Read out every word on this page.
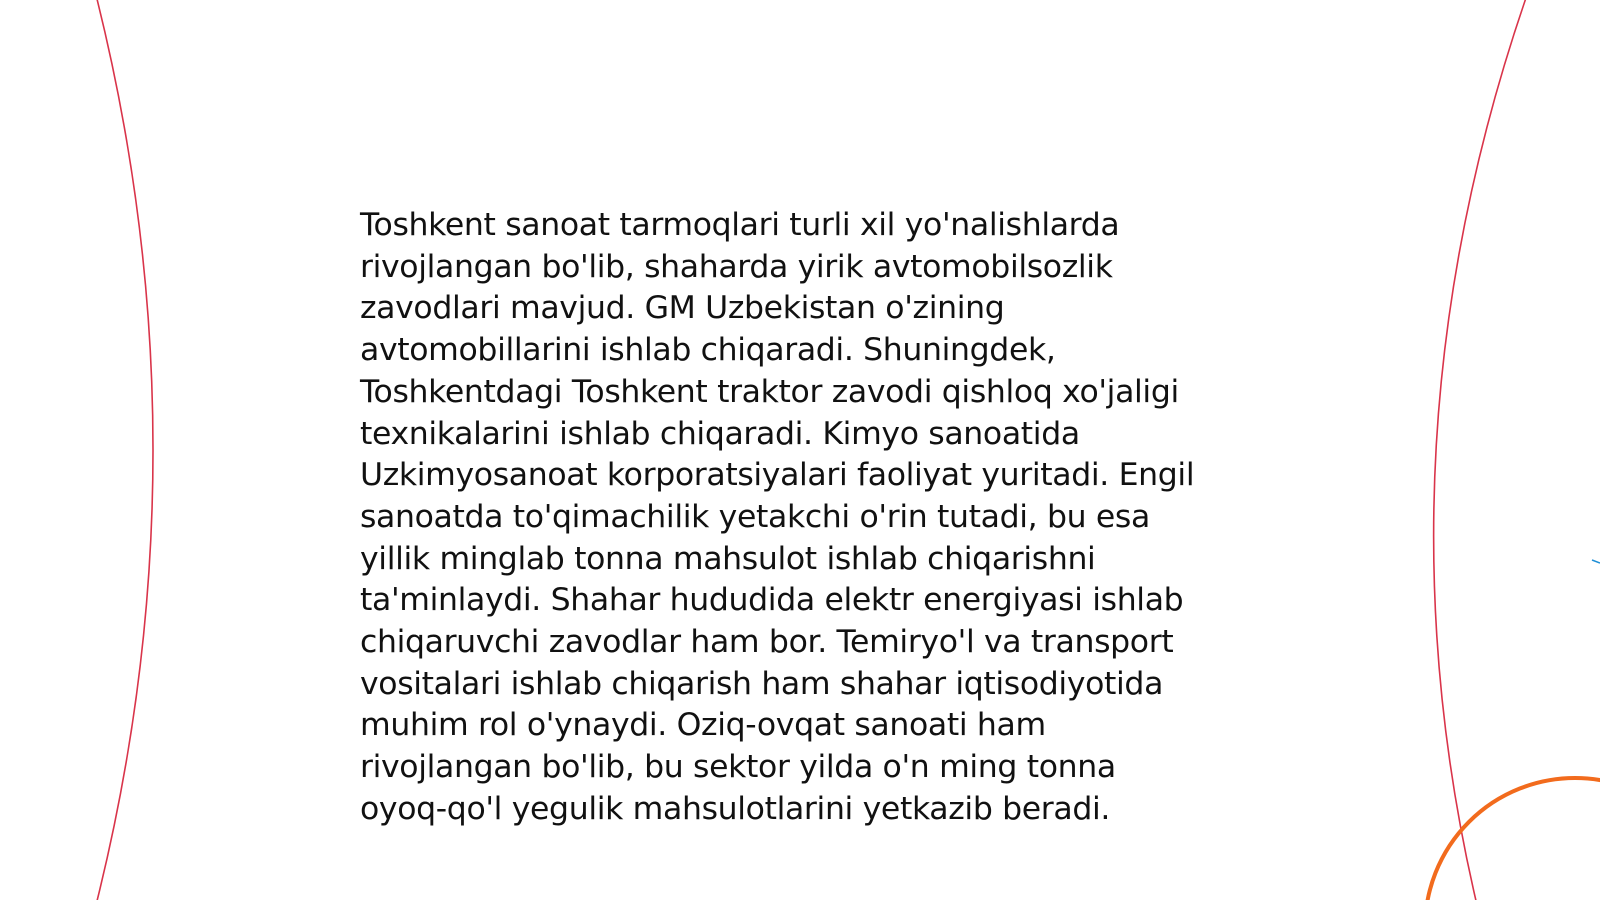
Toshkent sanoat tarmoqlari turli xil yo'nalishlarda
rivojlangan bo'lib, shaharda yirik avtomobilsozlik
zavodlari mavjud. GM Uzbekistan o'zining
avtomobillarini ishlab chiqaradi. Shuningdek,
Toshkentdagi Toshkent traktor zavodi qishloq xo'jaligi
texnikalarini ishlab chiqaradi. Kimyo sanoatida
Uzkimyosanoat korporatsiyalari faoliyat yuritadi. Engil
sanoatda to'qimachilik yetakchi o'rin tutadi, bu esa
yillik minglab tonna mahsulot ishlab chiqarishni
ta'minlaydi. Shahar hududida elektr energiyasi ishlab
chiqaruvchi zavodlar ham bor. Temiryo'l va transport
vositalari ishlab chiqarish ham shahar iqtisodiyotida
muhim rol o'ynaydi. Oziq-ovqat sanoati ham
rivojlangan bo'lib, bu sektor yilda o'n ming tonna
oyoq-qo'l yegulik mahsulotlarini yetkazib beradi.
